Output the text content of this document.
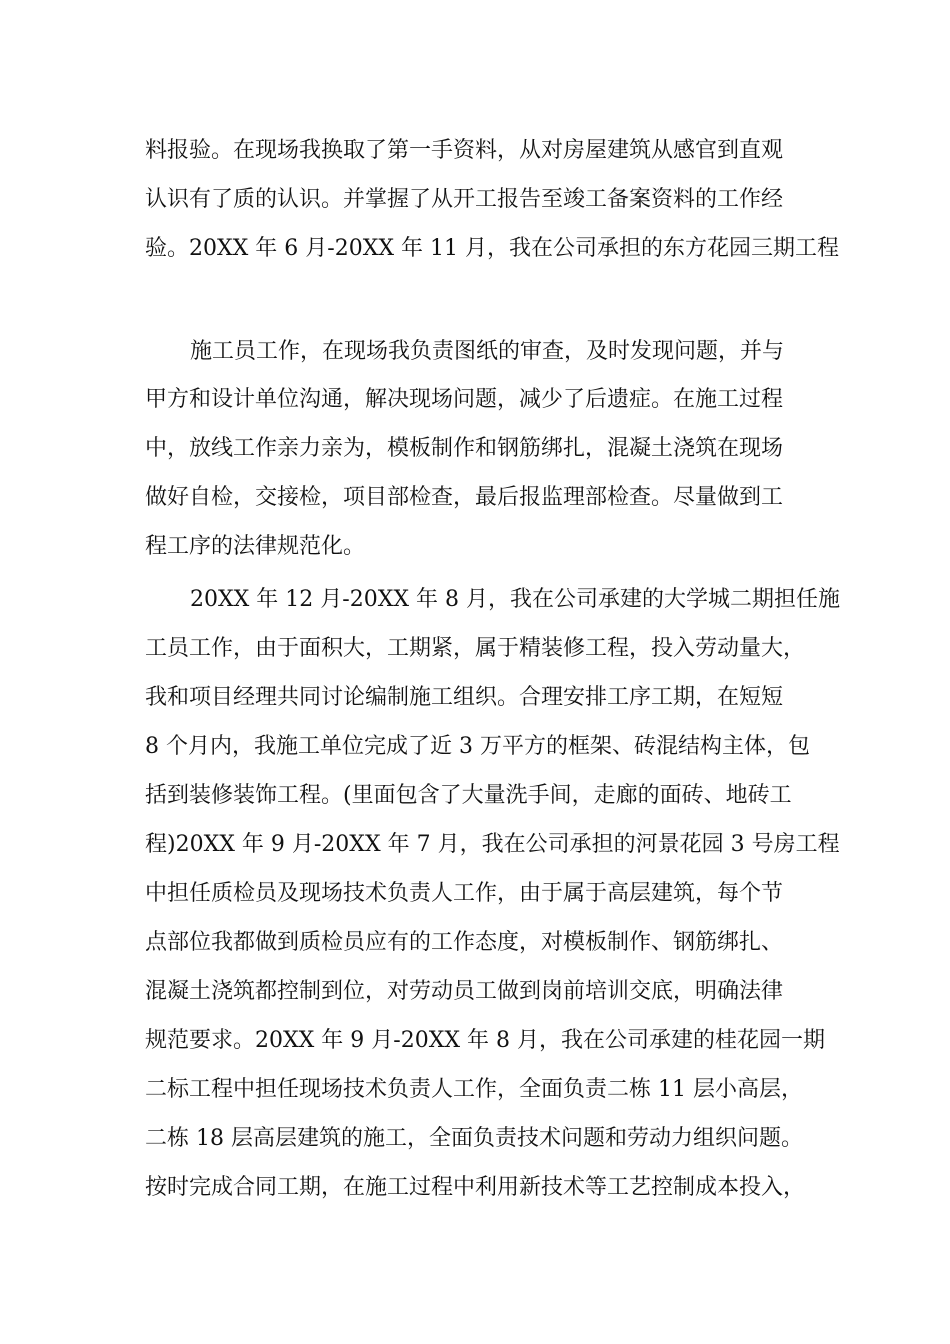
料报验。在现场我换取了第一手资料，从对房屋建筑从感官到直观
认识有了质的认识。并掌握了从开工报告至竣工备案资料的工作经
验。20XX 年 6 月-20XX 年 11 月，我在公司承担的东方花园三期工程
施工员工作，在现场我负责图纸的审查，及时发现问题，并与
甲方和设计单位沟通，解决现场问题，减少了后遗症。在施工过程
中，放线工作亲力亲为，模板制作和钢筋绑扎，混凝土浇筑在现场
做好自检，交接检，项目部检查，最后报监理部检查。尽量做到工
程工序的法律规范化。
20XX 年 12 月-20XX 年 8 月，我在公司承建的大学城二期担任施
工员工作，由于面积大，工期紧，属于精装修工程，投入劳动量大，
我和项目经理共同讨论编制施工组织。合理安排工序工期，在短短
8 个月内，我施工单位完成了近 3 万平方的框架、砖混结构主体，包
括到装修装饰工程。(里面包含了大量洗手间，走廊的面砖、地砖工
程)20XX 年 9 月-20XX 年 7 月，我在公司承担的河景花园 3 号房工程
中担任质检员及现场技术负责人工作，由于属于高层建筑，每个节
点部位我都做到质检员应有的工作态度，对模板制作、钢筋绑扎、
混凝土浇筑都控制到位，对劳动员工做到岗前培训交底，明确法律
规范要求。20XX 年 9 月-20XX 年 8 月，我在公司承建的桂花园一期
二标工程中担任现场技术负责人工作，全面负责二栋 11 层小高层，
二栋 18 层高层建筑的施工，全面负责技术问题和劳动力组织问题。
按时完成合同工期，在施工过程中利用新技术等工艺控制成本投入，
